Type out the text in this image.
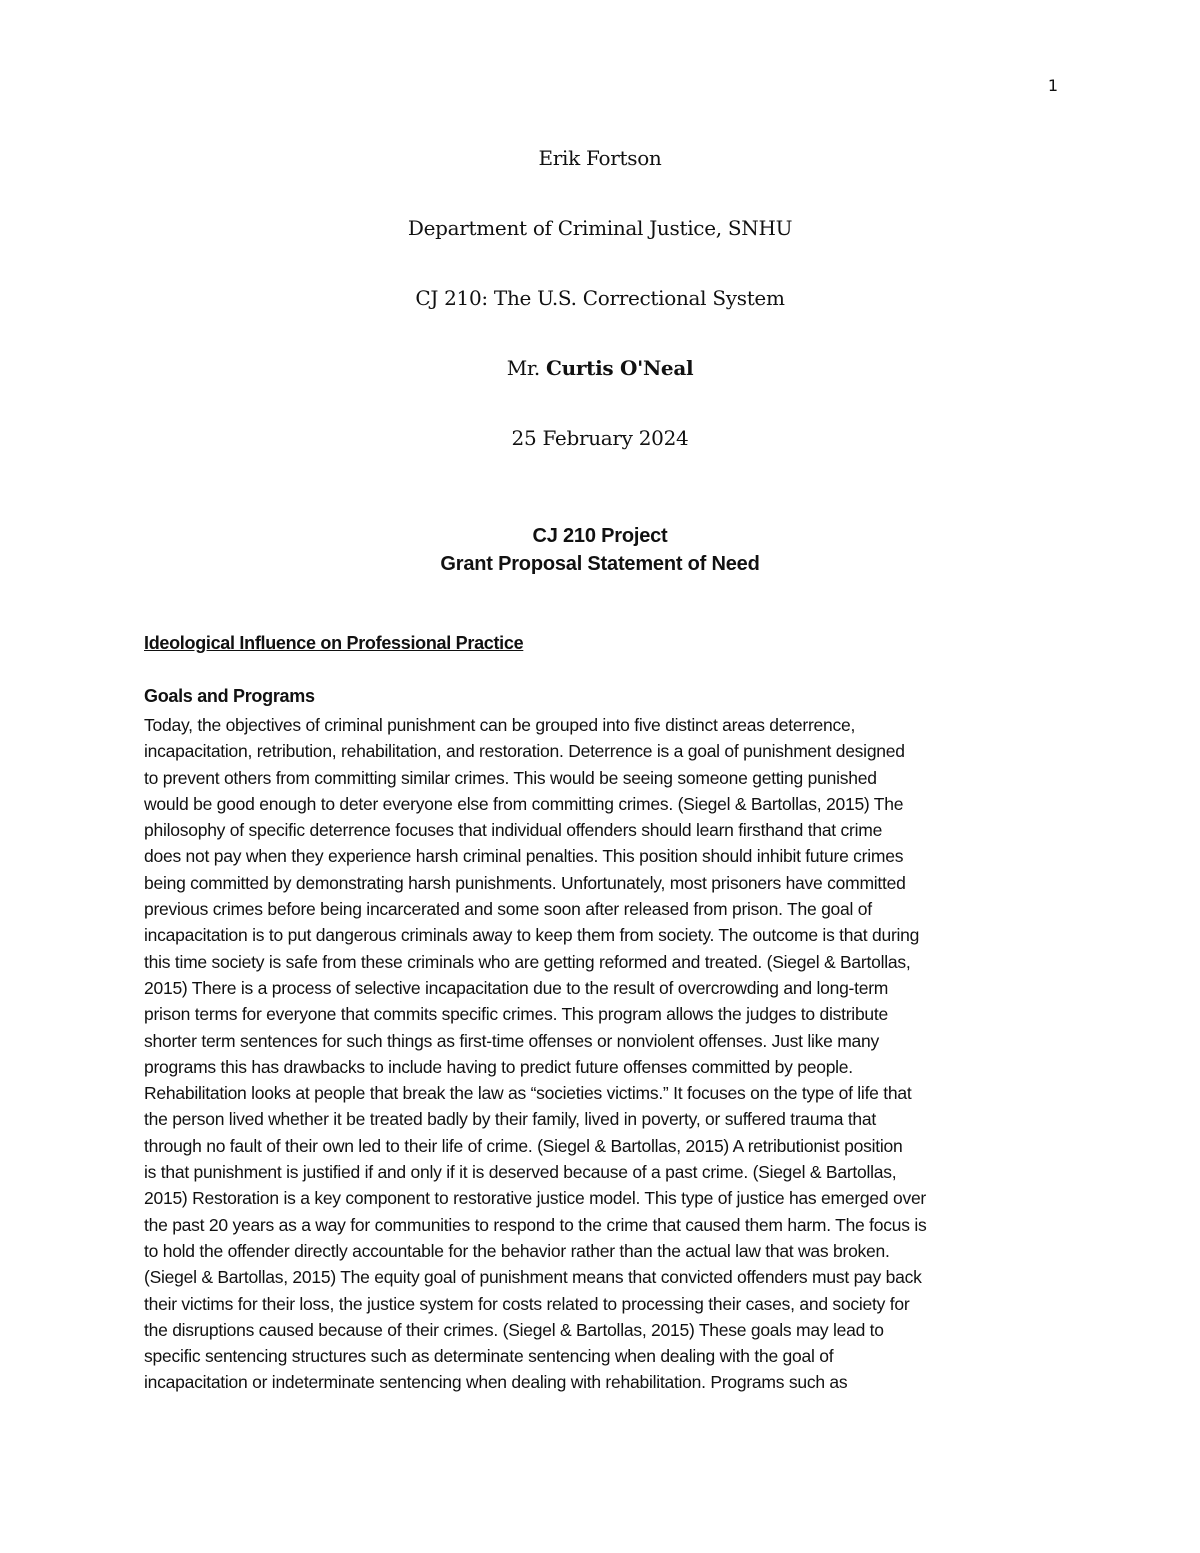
1
Erik Fortson
Department of Criminal Justice, SNHU
CJ 210: The U.S. Correctional System
Mr. Curtis O'Neal
25 February 2024
CJ 210 Project
Grant Proposal Statement of Need
Ideological Influence on Professional Practice
Goals and Programs
Today, the objectives of criminal punishment can be grouped into five distinct areas deterrence,
incapacitation, retribution, rehabilitation, and restoration. Deterrence is a goal of punishment designed
to prevent others from committing similar crimes. This would be seeing someone getting punished
would be good enough to deter everyone else from committing crimes. (Siegel & Bartollas, 2015) The
philosophy of specific deterrence focuses that individual offenders should learn firsthand that crime
does not pay when they experience harsh criminal penalties. This position should inhibit future crimes
being committed by demonstrating harsh punishments. Unfortunately, most prisoners have committed
previous crimes before being incarcerated and some soon after released from prison. The goal of
incapacitation is to put dangerous criminals away to keep them from society. The outcome is that during
this time society is safe from these criminals who are getting reformed and treated. (Siegel & Bartollas,
2015) There is a process of selective incapacitation due to the result of overcrowding and long-term
prison terms for everyone that commits specific crimes. This program allows the judges to distribute
shorter term sentences for such things as first-time offenses or nonviolent offenses. Just like many
programs this has drawbacks to include having to predict future offenses committed by people.
Rehabilitation looks at people that break the law as “societies victims.” It focuses on the type of life that
the person lived whether it be treated badly by their family, lived in poverty, or suffered trauma that
through no fault of their own led to their life of crime. (Siegel & Bartollas, 2015) A retributionist position
is that punishment is justified if and only if it is deserved because of a past crime. (Siegel & Bartollas,
2015) Restoration is a key component to restorative justice model. This type of justice has emerged over
the past 20 years as a way for communities to respond to the crime that caused them harm. The focus is
to hold the offender directly accountable for the behavior rather than the actual law that was broken.
(Siegel & Bartollas, 2015) The equity goal of punishment means that convicted offenders must pay back
their victims for their loss, the justice system for costs related to processing their cases, and society for
the disruptions caused because of their crimes. (Siegel & Bartollas, 2015) These goals may lead to
specific sentencing structures such as determinate sentencing when dealing with the goal of
incapacitation or indeterminate sentencing when dealing with rehabilitation. Programs such as
